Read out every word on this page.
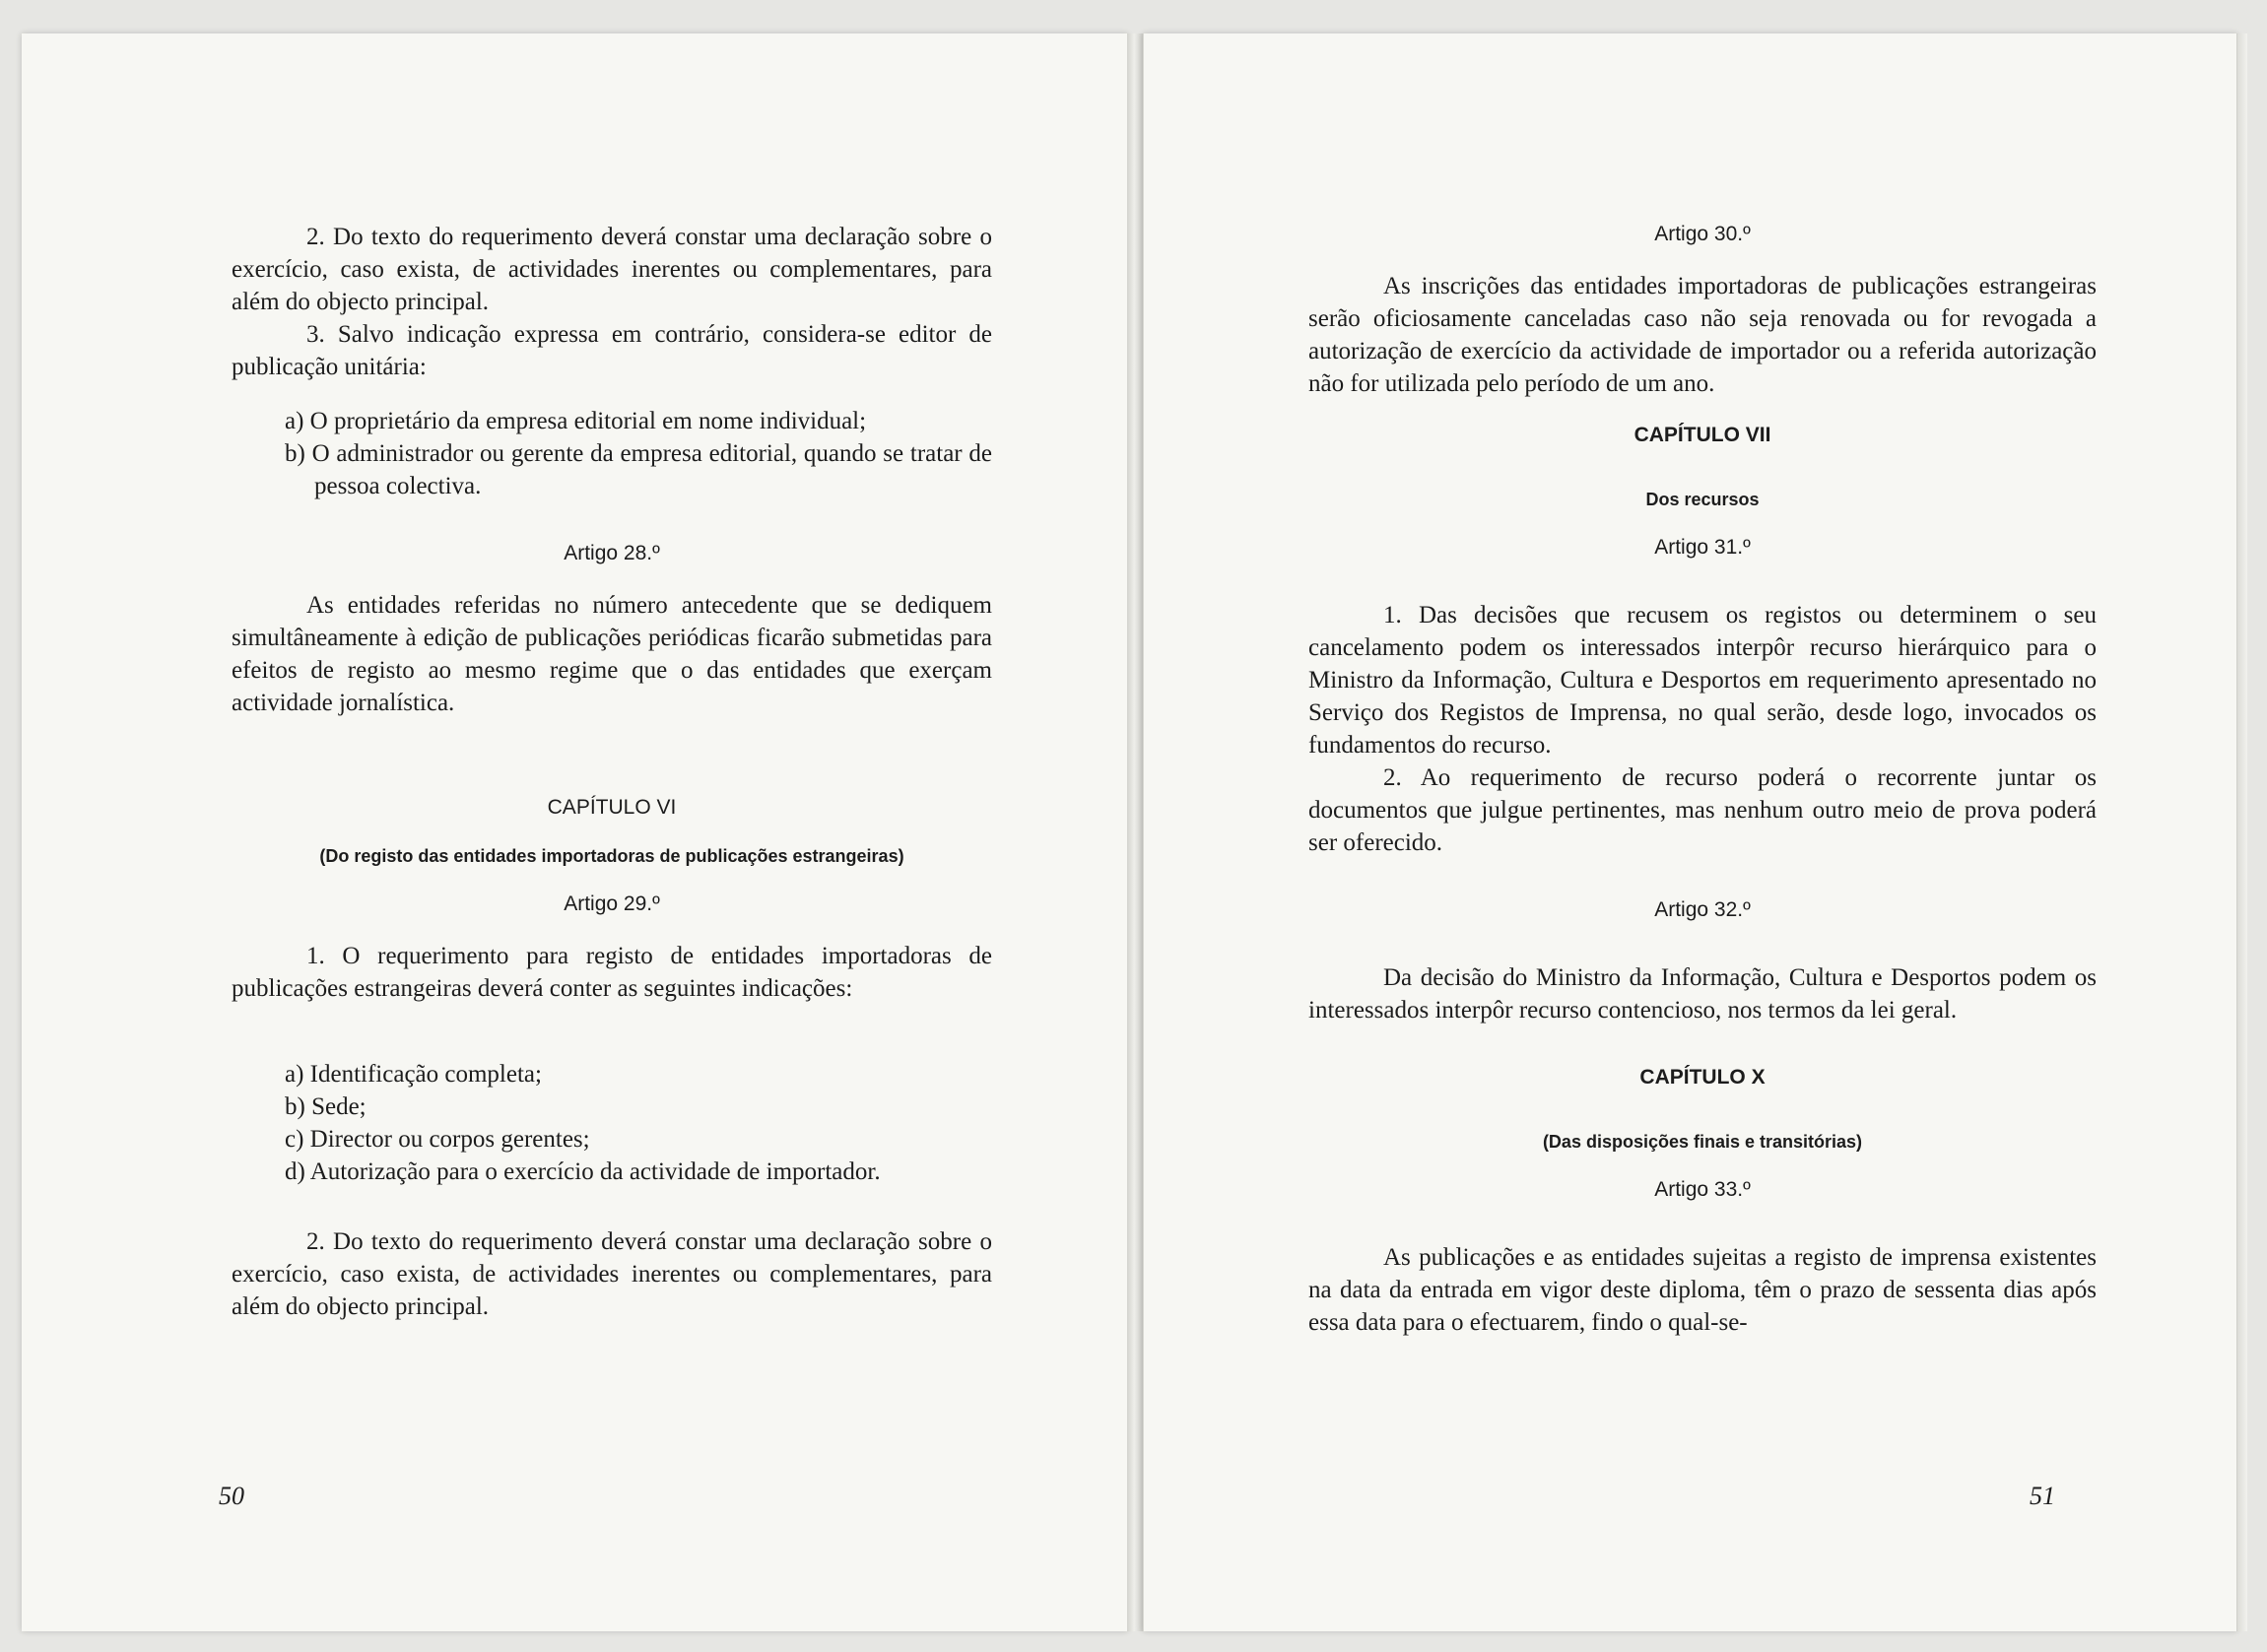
2. Do texto do requerimento deverá constar uma declaração sobre o exercício, caso exista, de actividades inerentes ou complementares, para além do objecto principal.

3. Salvo indicação expressa em contrário, considera-se editor de publicação unitária:

a) O proprietário da empresa editorial em nome individual;

b) O administrador ou gerente da empresa editorial, quando se tratar de pessoa colectiva.

Artigo 28.º

As entidades referidas no número antecedente que se dediquem simultâneamente à edição de publicações periódicas ficarão submetidas para efeitos de registo ao mesmo regime que o das entidades que exerçam actividade jornalística.

CAPÍTULO VI

(Do registo das entidades importadoras de publicações estrangeiras)

Artigo 29.º

1. O requerimento para registo de entidades importadoras de publicações estrangeiras deverá conter as seguintes indicações:

a) Identificação completa;

b) Sede;

c) Director ou corpos gerentes;

d) Autorização para o exercício da actividade de importador.

2. Do texto do requerimento deverá constar uma declaração sobre o exercício, caso exista, de actividades inerentes ou complementares, para além do objecto principal.

50

Artigo 30.º

As inscrições das entidades importadoras de publicações estrangeiras serão oficiosamente canceladas caso não seja renovada ou for revogada a autorização de exercício da actividade de importador ou a referida autorização não for utilizada pelo período de um ano.

CAPÍTULO VII

Dos recursos

Artigo 31.º

1. Das decisões que recusem os registos ou determinem o seu cancelamento podem os interessados interpôr recurso hierárquico para o Ministro da Informação, Cultura e Desportos em requerimento apresentado no Serviço dos Registos de Imprensa, no qual serão, desde logo, invocados os fundamentos do recurso.

2. Ao requerimento de recurso poderá o recorrente juntar os documentos que julgue pertinentes, mas nenhum outro meio de prova poderá ser oferecido.

Artigo 32.º

Da decisão do Ministro da Informação, Cultura e Desportos podem os interessados interpôr recurso contencioso, nos termos da lei geral.

CAPÍTULO X

(Das disposições finais e transitórias)

Artigo 33.º

As publicações e as entidades sujeitas a registo de imprensa existentes na data da entrada em vigor deste diploma, têm o prazo de sessenta dias após essa data para o efectuarem, findo o qual-se-

51
